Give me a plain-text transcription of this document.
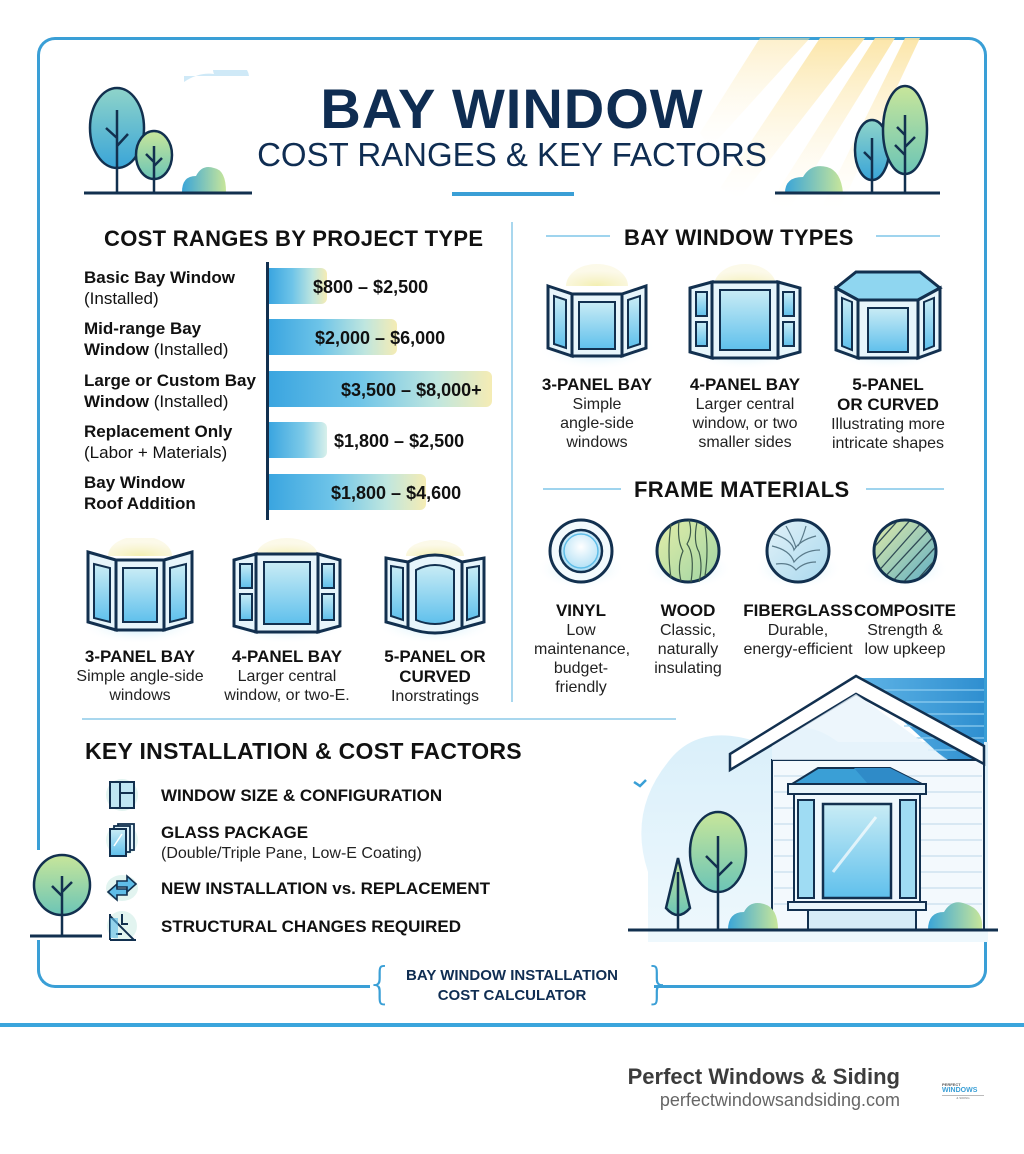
BAY WINDOW
COST RANGES & KEY FACTORS
COST RANGES BY PROJECT TYPE
Basic Bay Window
(Installed)
$800 – $2,500
Mid-range Bay
Window (Installed)
$2,000 – $6,000
Large or Custom Bay
Window (Installed)
$3,500 – $8,000+
Replacement Only
(Labor + Materials)
$1,800 – $2,500
Bay Window
Roof Addition
$1,800 – $4,600
BAY WINDOW TYPES
3-PANEL BAY
Simple
angle-side
windows
4-PANEL BAY
Larger central
window, or two
smaller sides
5-PANEL
OR CURVED
Illustrating more
intricate shapes
FRAME MATERIALS
VINYL
Low
maintenance,
budget-friendly
WOOD
Classic,
naturally
insulating
FIBERGLASS
Durable,
energy-efficient
COMPOSITE
Strength &
low upkeep
3-PANEL BAY
Simple angle-side
windows
4-PANEL BAY
Larger central
window, or two-E.
5-PANEL OR
CURVED
Inorstratings
KEY INSTALLATION & COST FACTORS
WINDOW SIZE & CONFIGURATION
GLASS PACKAGE
(Double/Triple Pane, Low-E Coating)
NEW INSTALLATION vs. REPLACEMENT
STRUCTURAL CHANGES REQUIRED
{ BAY WINDOW INSTALLATION
COST CALCULATOR	}
Perfect Windows & Siding
perfectwindowsandsiding.com
PERFECT
WINDOWS
& SIDING
